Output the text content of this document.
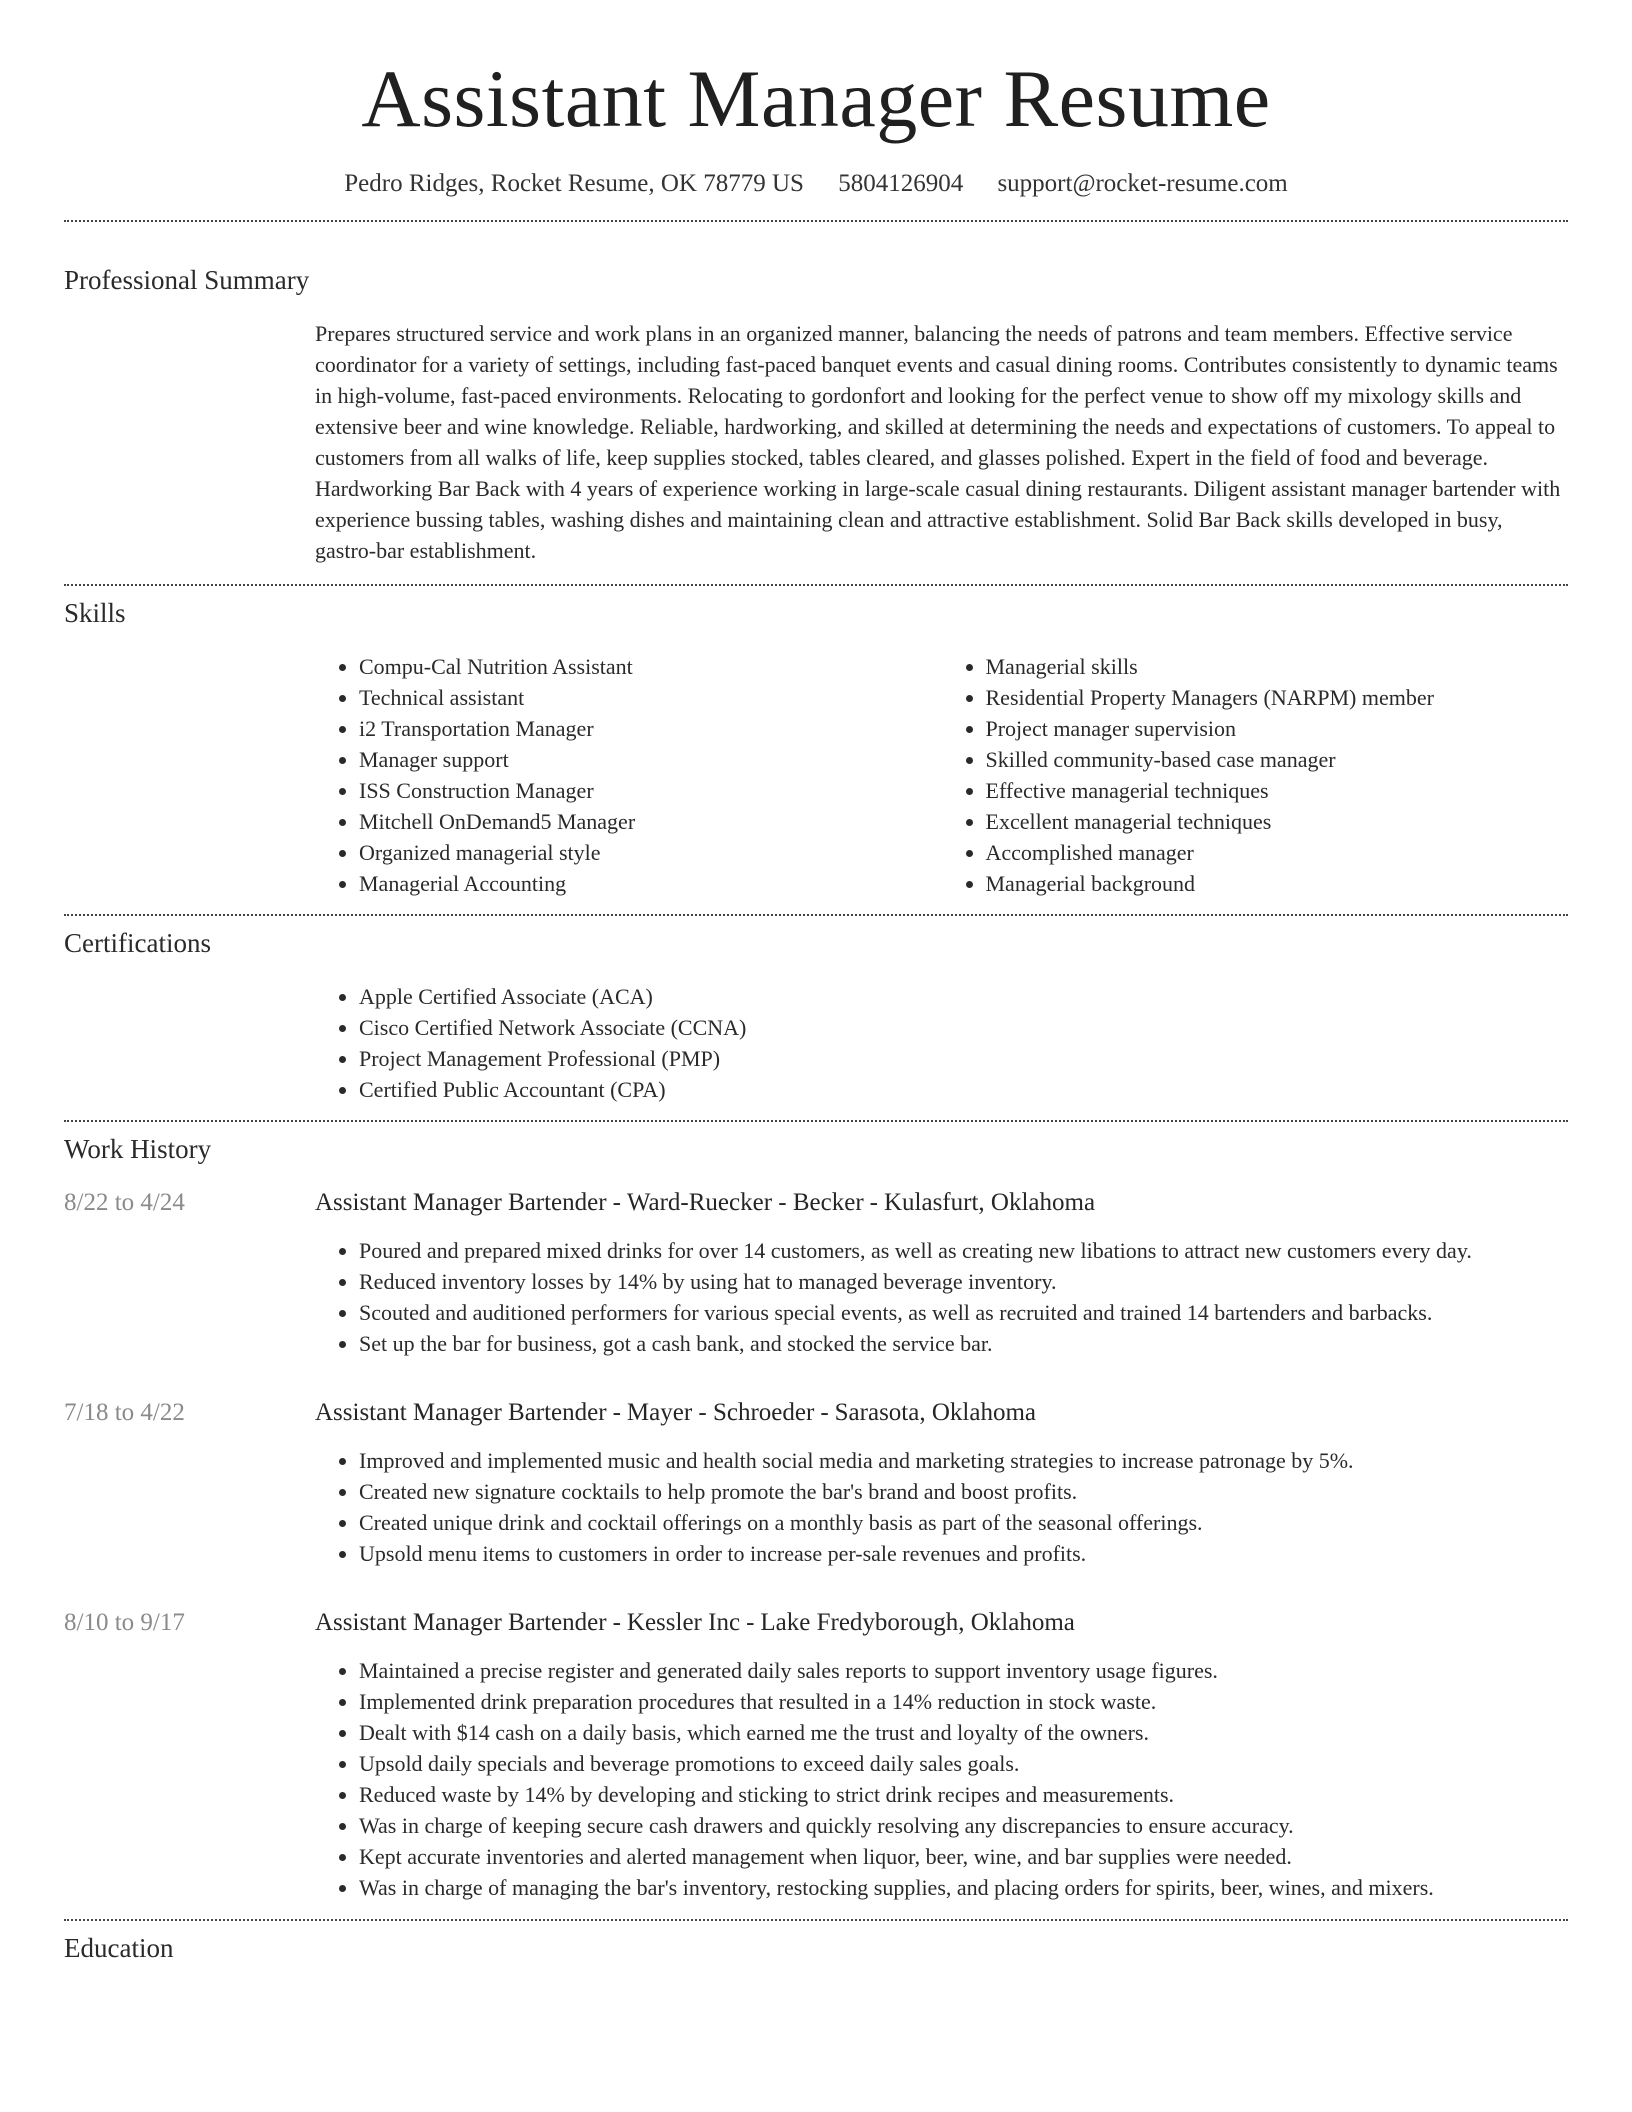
Assistant Manager Resume
Pedro Ridges, Rocket Resume, OK 78779 US 5804126904 support@rocket-resume.com
Professional Summary

Prepares structured service and work plans in an organized manner, balancing the needs of patrons and team members. Effective service coordinator for a variety of settings, including fast-paced banquet events and casual dining rooms. Contributes consistently to dynamic teams in high-volume, fast-paced environments. Relocating to gordonfort and looking for the perfect venue to show off my mixology skills and extensive beer and wine knowledge. Reliable, hardworking, and skilled at determining the needs and expectations of customers. To appeal to customers from all walks of life, keep supplies stocked, tables cleared, and glasses polished. Expert in the field of food and beverage. Hardworking Bar Back with 4 years of experience working in large-scale casual dining restaurants. Diligent assistant manager bartender with experience bussing tables, washing dishes and maintaining clean and attractive establishment. Solid Bar Back skills developed in busy, gastro-bar establishment.

Skills
• Compu-Cal Nutrition Assistant
• Technical assistant
• i2 Transportation Manager
• Manager support
• ISS Construction Manager
• Mitchell OnDemand5 Manager
• Organized managerial style
• Managerial Accounting
• Managerial skills
• Residential Property Managers (NARPM) member
• Project manager supervision
• Skilled community-based case manager
• Effective managerial techniques
• Excellent managerial techniques
• Accomplished manager
• Managerial background
Certifications
• Apple Certified Associate (ACA)
• Cisco Certified Network Associate (CCNA)
• Project Management Professional (PMP)
• Certified Public Accountant (CPA)
Work History
8/22 to 4/24	Assistant Manager Bartender - Ward-Ruecker - Becker - Kulasfurt, Oklahoma
• Poured and prepared mixed drinks for over 14 customers, as well as creating new libations to attract new customers every day.
• Reduced inventory losses by 14% by using hat to managed beverage inventory.
• Scouted and auditioned performers for various special events, as well as recruited and trained 14 bartenders and barbacks.
• Set up the bar for business, got a cash bank, and stocked the service bar.
7/18 to 4/22	Assistant Manager Bartender - Mayer - Schroeder - Sarasota, Oklahoma
• Improved and implemented music and health social media and marketing strategies to increase patronage by 5%.
• Created new signature cocktails to help promote the bar's brand and boost profits.
• Created unique drink and cocktail offerings on a monthly basis as part of the seasonal offerings.
• Upsold menu items to customers in order to increase per-sale revenues and profits.
8/10 to 9/17	Assistant Manager Bartender - Kessler Inc - Lake Fredyborough, Oklahoma
• Maintained a precise register and generated daily sales reports to support inventory usage figures.
• Implemented drink preparation procedures that resulted in a 14% reduction in stock waste.
• Dealt with $14 cash on a daily basis, which earned me the trust and loyalty of the owners.
• Upsold daily specials and beverage promotions to exceed daily sales goals.
• Reduced waste by 14% by developing and sticking to strict drink recipes and measurements.
• Was in charge of keeping secure cash drawers and quickly resolving any discrepancies to ensure accuracy.
• Kept accurate inventories and alerted management when liquor, beer, wine, and bar supplies were needed.
• Was in charge of managing the bar's inventory, restocking supplies, and placing orders for spirits, beer, wines, and mixers.
Education
